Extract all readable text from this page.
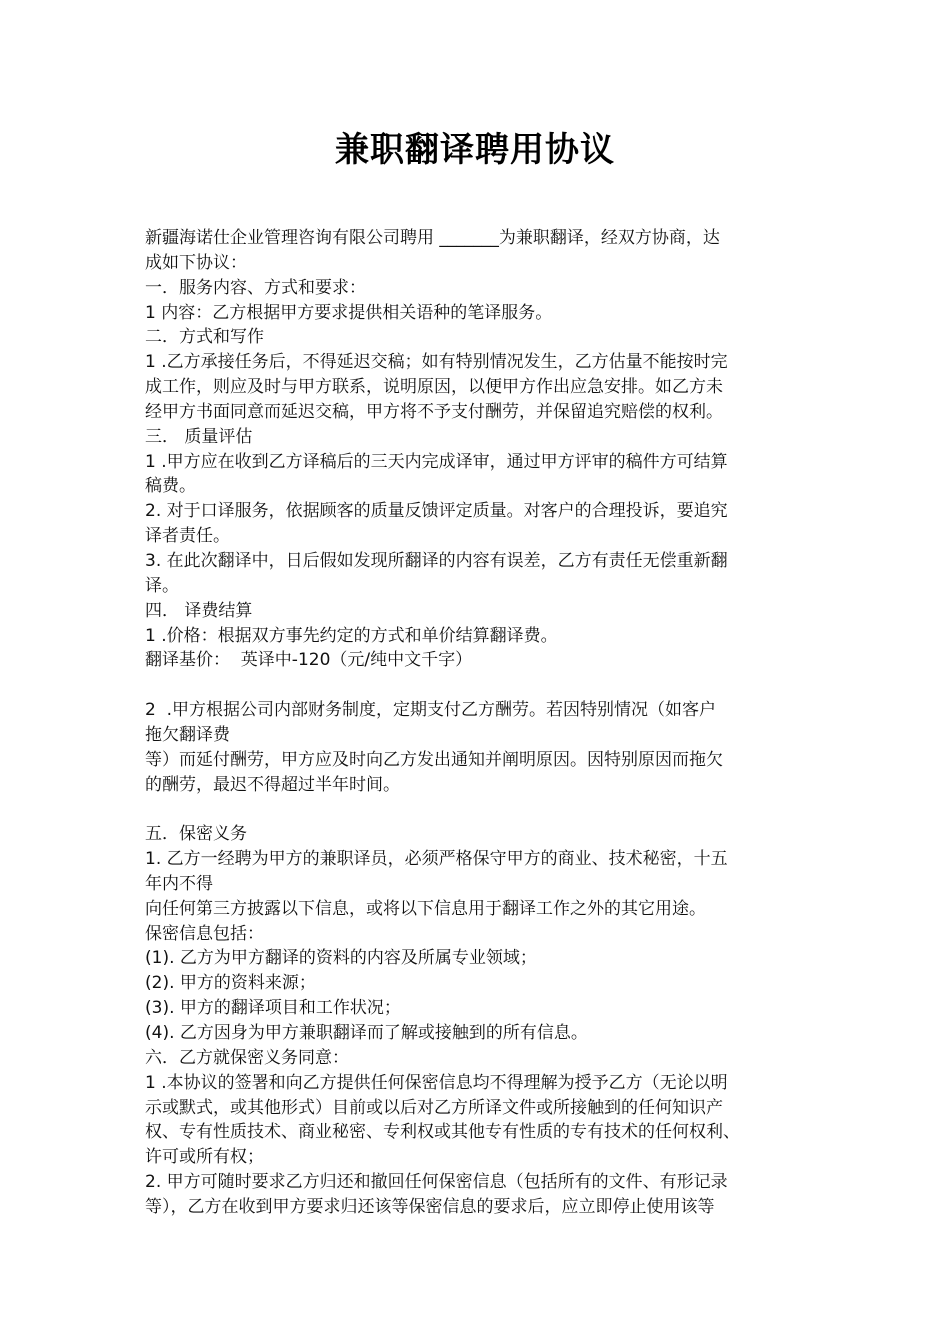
兼职翻译聘用协议
新疆海诺仕企业管理咨询有限公司聘用 _______为兼职翻译，经双方协商，达
成如下协议：
一．服务内容、方式和要求：
1 内容：乙方根据甲方要求提供相关语种的笔译服务。
二．方式和写作
1 .乙方承接任务后，不得延迟交稿；如有特别情况发生，乙方估量不能按时完
成工作，则应及时与甲方联系，说明原因，以便甲方作出应急安排。如乙方未
经甲方书面同意而延迟交稿，甲方将不予支付酬劳，并保留追究赔偿的权利。
三． 质量评估
1 .甲方应在收到乙方译稿后的三天内完成译审，通过甲方评审的稿件方可结算
稿费。
2. 对于口译服务，依据顾客的质量反馈评定质量。对客户的合理投诉，要追究
译者责任。
3. 在此次翻译中，日后假如发现所翻译的内容有误差，乙方有责任无偿重新翻
译。
四． 译费结算
1 .价格：根据双方事先约定的方式和单价结算翻译费。
翻译基价：  英译中-120（元/纯中文千字）
2  .甲方根据公司内部财务制度，定期支付乙方酬劳。若因特别情况（如客户
拖欠翻译费
等）而延付酬劳，甲方应及时向乙方发出通知并阐明原因。因特别原因而拖欠
的酬劳，最迟不得超过半年时间。
五．保密义务
1. 乙方一经聘为甲方的兼职译员，必须严格保守甲方的商业、技术秘密，十五
年内不得
向任何第三方披露以下信息，或将以下信息用于翻译工作之外的其它用途。
保密信息包括：
(1). 乙方为甲方翻译的资料的内容及所属专业领域；
(2). 甲方的资料来源；
(3). 甲方的翻译项目和工作状况；
(4). 乙方因身为甲方兼职翻译而了解或接触到的所有信息。
六．乙方就保密义务同意：
1 .本协议的签署和向乙方提供任何保密信息均不得理解为授予乙方（无论以明
示或默式，或其他形式）目前或以后对乙方所译文件或所接触到的任何知识产
权、专有性质技术、商业秘密、专利权或其他专有性质的专有技术的任何权利、
许可或所有权；
2. 甲方可随时要求乙方归还和撤回任何保密信息（包括所有的文件、有形记录
等），乙方在收到甲方要求归还该等保密信息的要求后，应立即停止使用该等
